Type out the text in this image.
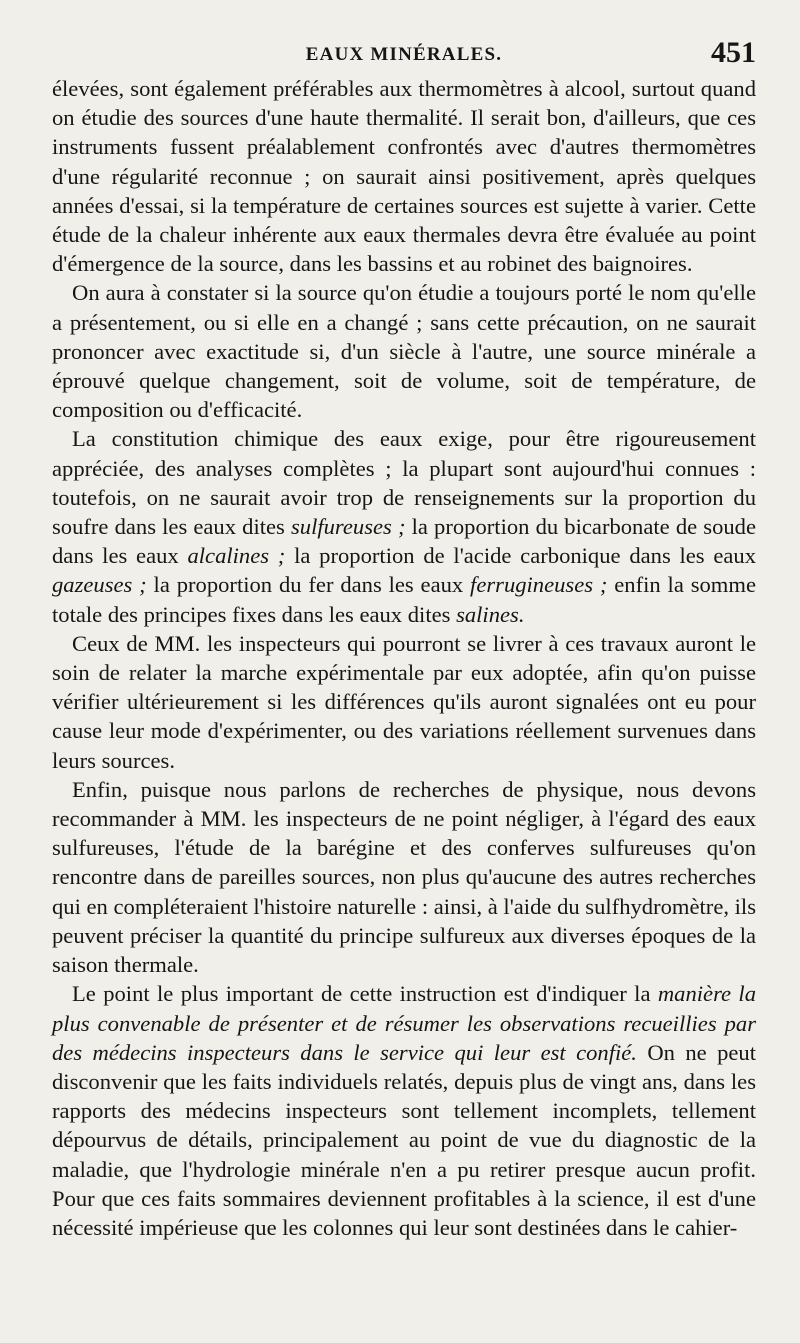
EAUX MINÉRALES.	451

élevées, sont également préférables aux thermomètres à alcool, surtout quand on étudie des sources d'une haute thermalité. Il serait bon, d'ailleurs, que ces instruments fussent préalablement confrontés avec d'autres thermomètres d'une régularité reconnue ; on saurait ainsi positivement, après quelques années d'essai, si la température de certaines sources est sujette à varier. Cette étude de la chaleur inhérente aux eaux thermales devra être évaluée au point d'émergence de la source, dans les bassins et au robinet des baignoires.

On aura à constater si la source qu'on étudie a toujours porté le nom qu'elle a présentement, ou si elle en a changé ; sans cette précaution, on ne saurait prononcer avec exactitude si, d'un siècle à l'autre, une source minérale a éprouvé quelque changement, soit de volume, soit de température, de composition ou d'efficacité.

La constitution chimique des eaux exige, pour être rigoureusement appréciée, des analyses complètes ; la plupart sont aujourd'hui connues : toutefois, on ne saurait avoir trop de renseignements sur la proportion du soufre dans les eaux dites sulfureuses ; la proportion du bicarbonate de soude dans les eaux alcalines ; la proportion de l'acide carbonique dans les eaux gazeuses ; la proportion du fer dans les eaux ferrugineuses ; enfin la somme totale des principes fixes dans les eaux dites salines.

Ceux de MM. les inspecteurs qui pourront se livrer à ces travaux auront le soin de relater la marche expérimentale par eux adoptée, afin qu'on puisse vérifier ultérieurement si les différences qu'ils auront signalées ont eu pour cause leur mode d'expérimenter, ou des variations réellement survenues dans leurs sources.

Enfin, puisque nous parlons de recherches de physique, nous devons recommander à MM. les inspecteurs de ne point négliger, à l'égard des eaux sulfureuses, l'étude de la barégine et des conferves sulfureuses qu'on rencontre dans de pareilles sources, non plus qu'aucune des autres recherches qui en compléteraient l'histoire naturelle : ainsi, à l'aide du sulfhydromètre, ils peuvent préciser la quantité du principe sulfureux aux diverses époques de la saison thermale.

Le point le plus important de cette instruction est d'indiquer la manière la plus convenable de présenter et de résumer les observations recueillies par des médecins inspecteurs dans le service qui leur est confié. On ne peut disconvenir que les faits individuels relatés, depuis plus de vingt ans, dans les rapports des médecins inspecteurs sont tellement incomplets, tellement dépourvus de détails, principalement au point de vue du diagnostic de la maladie, que l'hydrologie minérale n'en a pu retirer presque aucun profit. Pour que ces faits sommaires deviennent profitables à la science, il est d'une nécessité impérieuse que les colonnes qui leur sont destinées dans le cahier-
